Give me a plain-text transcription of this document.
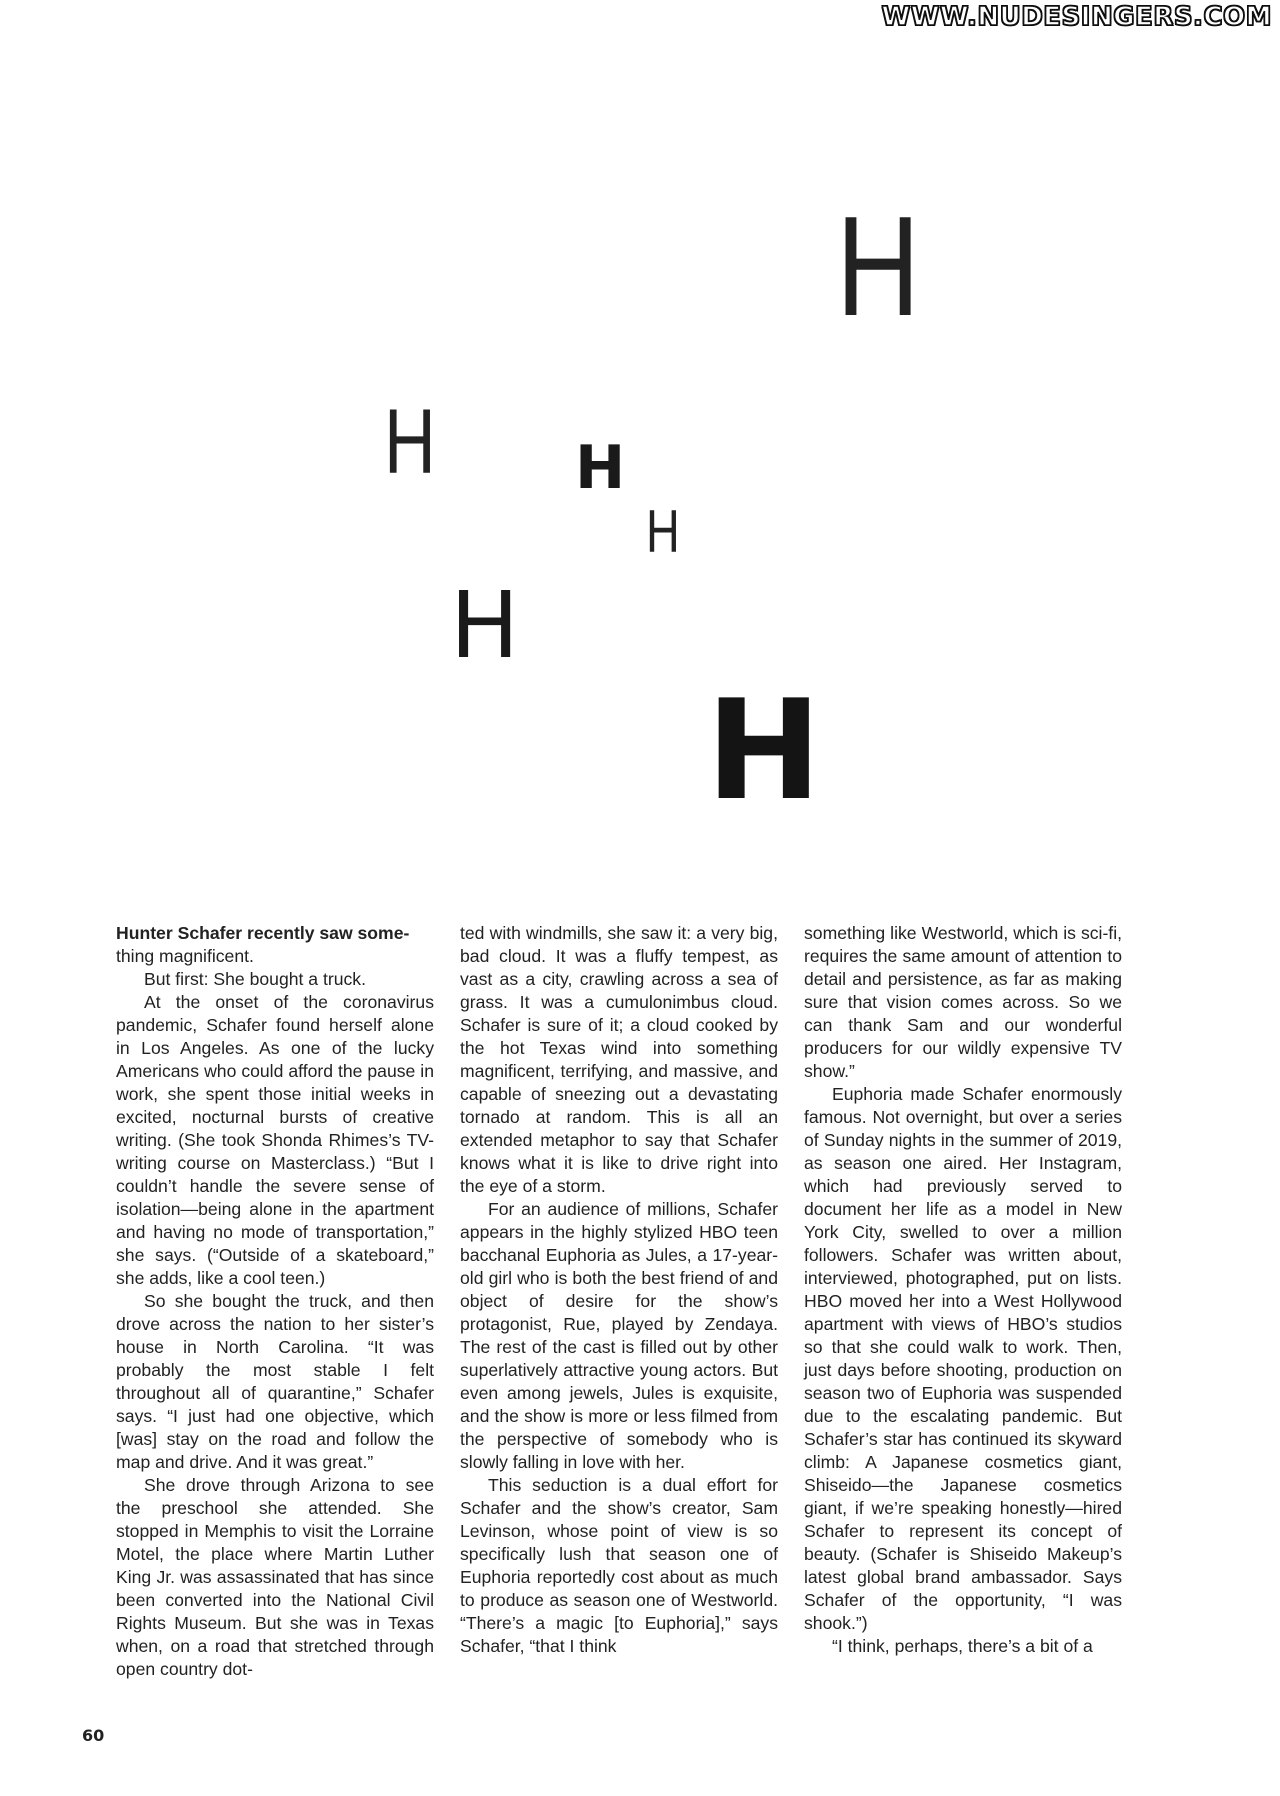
WWW.NUDESINGERS.COM
H
H H
H
H
H

Hunter Schafer recently saw some-
thing magnificent.

But first: She bought a truck.

At the onset of the coronavirus pandemic, Schafer found herself alone in Los Angeles. As one of the lucky Americans who could afford the pause in work, she spent those initial weeks in excited, nocturnal bursts of creative writing. (She took Shonda Rhimes’s TV-writing course on Masterclass.) “But I couldn’t handle the severe sense of isolation—being alone in the apartment and having no mode of transportation,” she says. (“Outside of a skateboard,” she adds, like a cool teen.)

So she bought the truck, and then drove across the nation to her sister’s house in North Carolina. “It was probably the most stable I felt throughout all of quarantine,” Schafer says. “I just had one objective, which [was] stay on the road and follow the map and drive. And it was great.”

She drove through Arizona to see the preschool she attended. She stopped in Memphis to visit the Lorraine Motel, the place where Martin Luther King Jr. was assassinated that has since been converted into the National Civil Rights Museum. But she was in Texas when, on a road that stretched through open country dot-

ted with windmills, she saw it: a very big, bad cloud. It was a fluffy tempest, as vast as a city, crawling across a sea of grass. It was a cumulonimbus cloud. Schafer is sure of it; a cloud cooked by the hot Texas wind into something magnificent, terrifying, and massive, and capable of sneezing out a devastating tornado at random. This is all an extended metaphor to say that Schafer knows what it is like to drive right into the eye of a storm.

For an audience of millions, Schafer appears in the highly stylized HBO teen bacchanal Euphoria as Jules, a 17-year-old girl who is both the best friend of and object of desire for the show’s protagonist, Rue, played by Zendaya. The rest of the cast is filled out by other superlatively attractive young actors. But even among jewels, Jules is exquisite, and the show is more or less filmed from the perspective of somebody who is slowly falling in love with her.

This seduction is a dual effort for Schafer and the show’s creator, Sam Levinson, whose point of view is so specifically lush that season one of Euphoria reportedly cost about as much to produce as season one of Westworld. “There’s a magic [to Euphoria],” says Schafer, “that I think

something like Westworld, which is sci-fi, requires the same amount of attention to detail and persistence, as far as making sure that vision comes across. So we can thank Sam and our wonderful producers for our wildly expensive TV show.”

Euphoria made Schafer enormously famous. Not overnight, but over a series of Sunday nights in the summer of 2019, as season one aired. Her Instagram, which had previously served to document her life as a model in New York City, swelled to over a million followers. Schafer was written about, interviewed, photographed, put on lists. HBO moved her into a West Hollywood apartment with views of HBO’s studios so that she could walk to work. Then, just days before shooting, production on season two of Euphoria was suspended due to the escalating pandemic. But Schafer’s star has continued its skyward climb: A Japanese cosmetics giant, Shiseido—the Japanese cosmetics giant, if we’re speaking honestly—hired Schafer to represent its concept of beauty. (Schafer is Shiseido Makeup’s latest global brand ambassador. Says Schafer of the opportunity, “I was shook.”)

“I think, perhaps, there’s a bit of a

60
